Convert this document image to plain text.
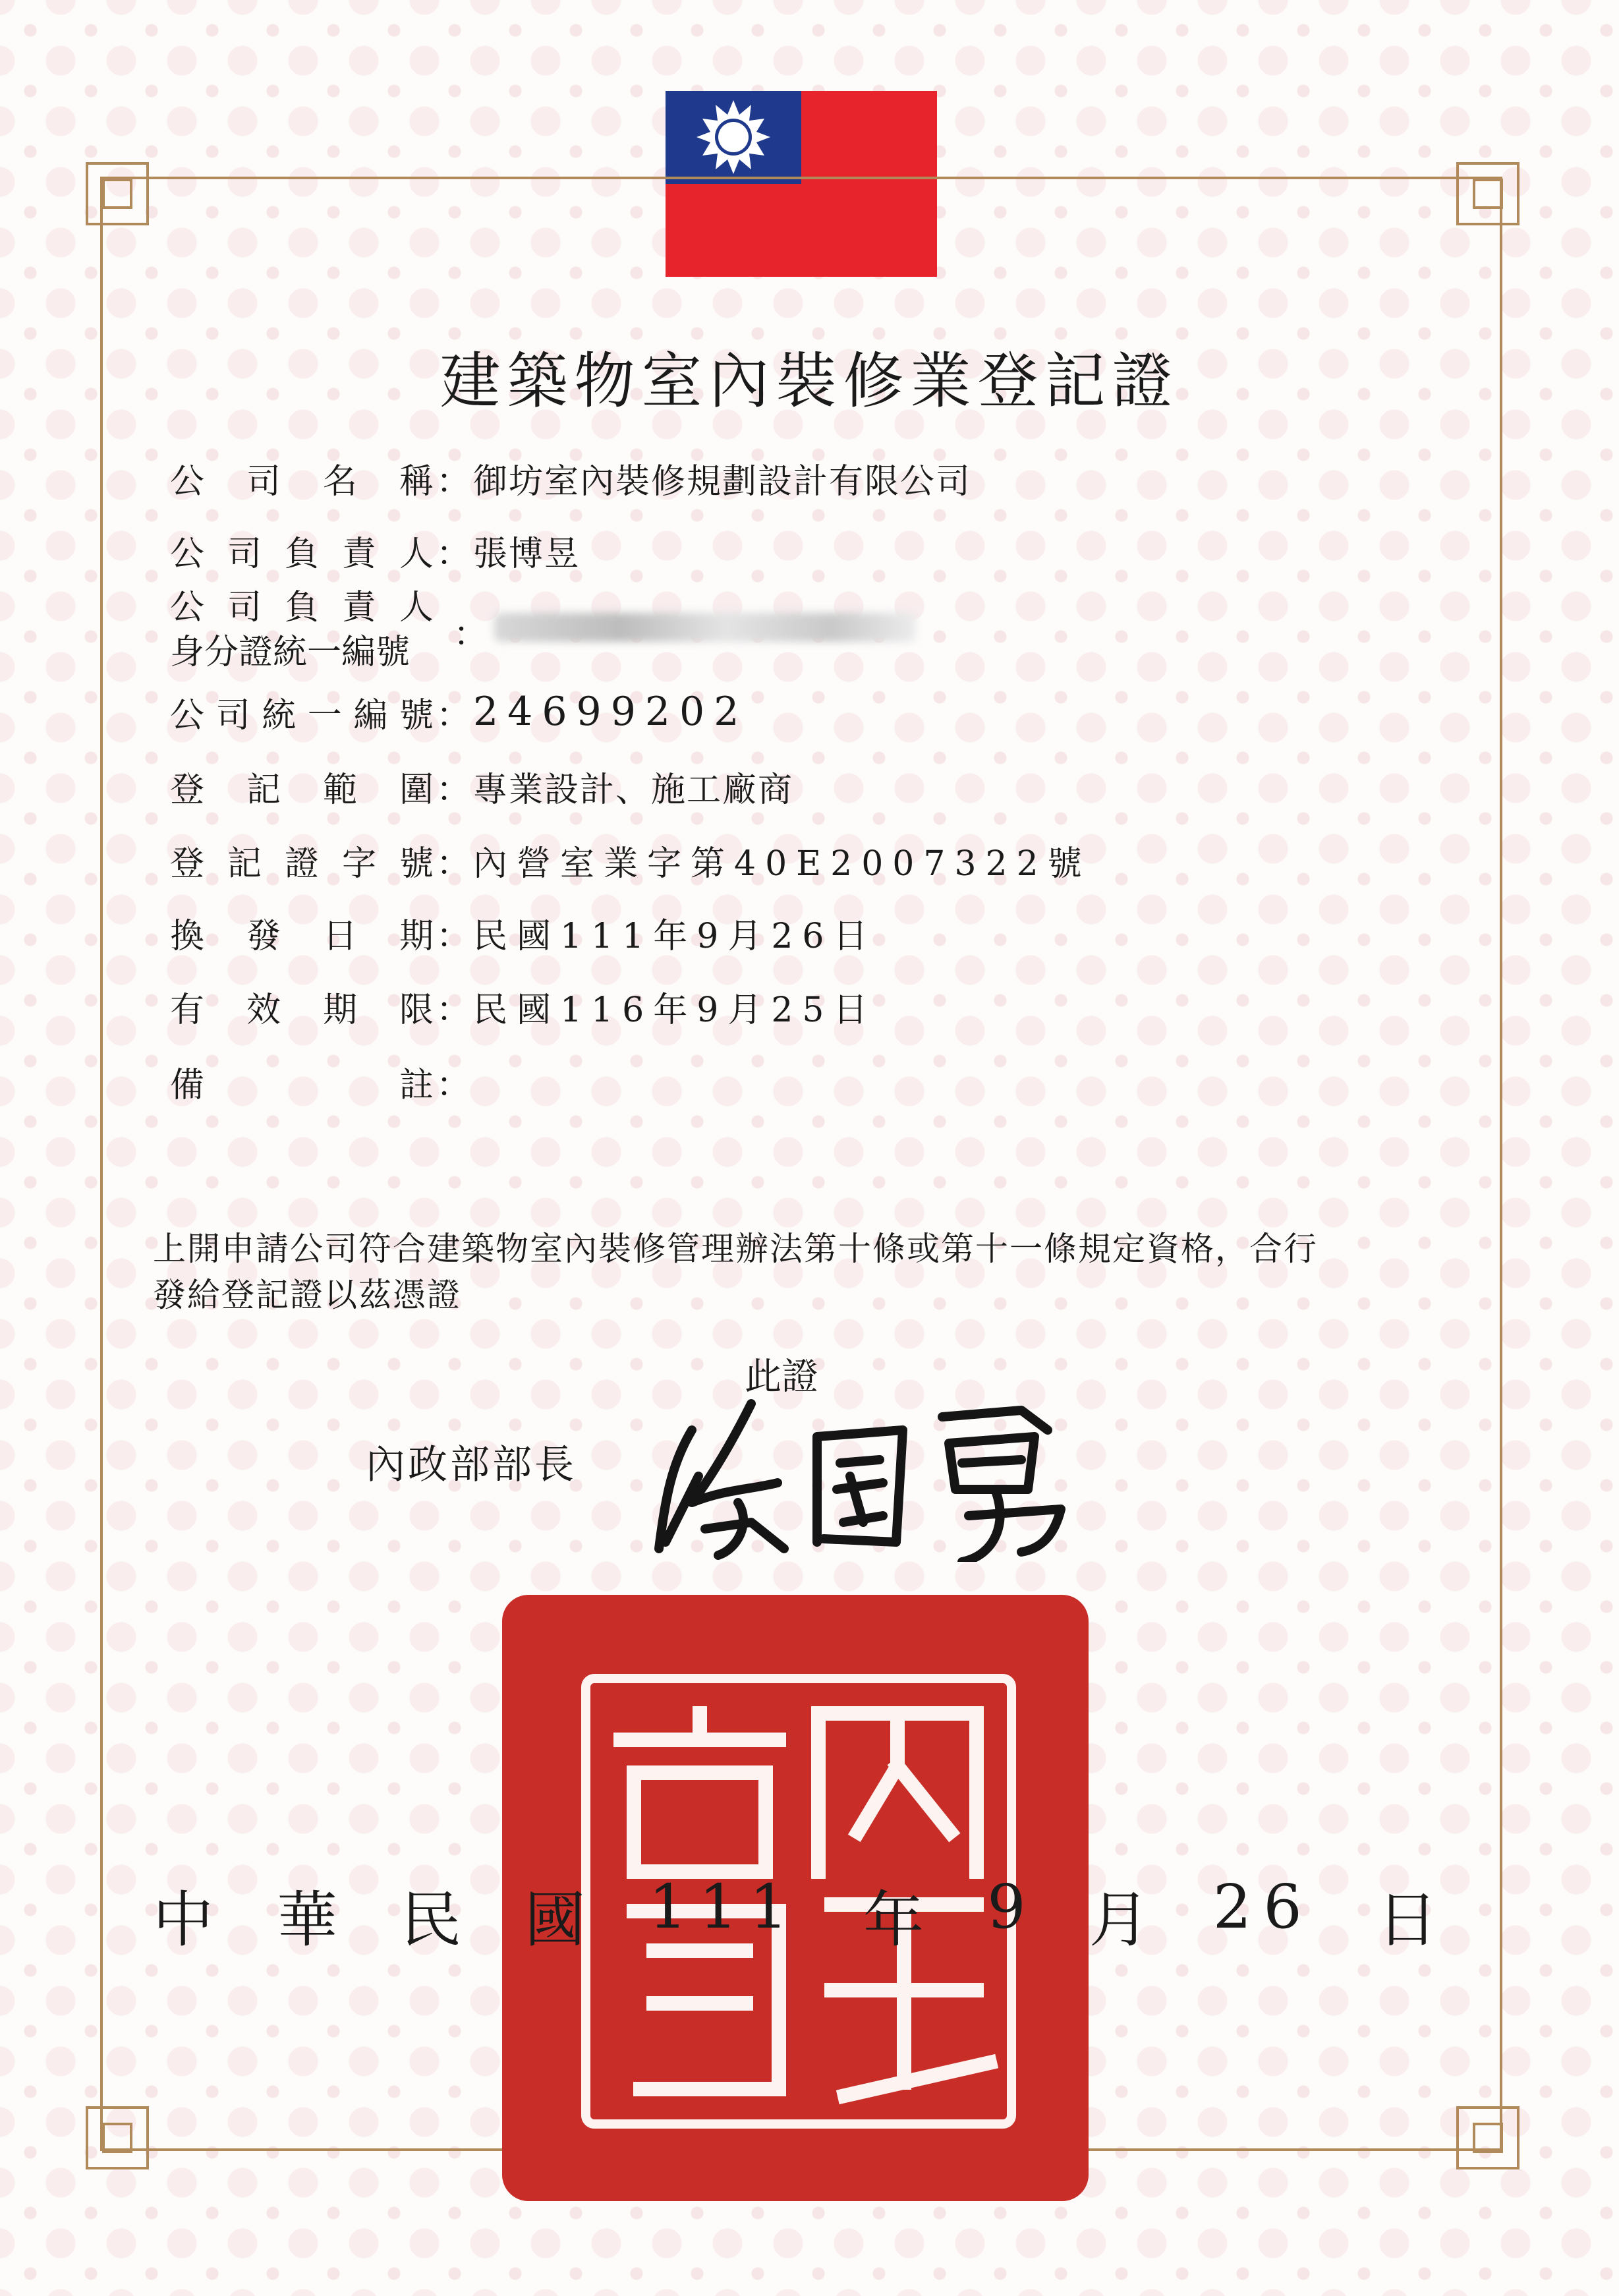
建築物室內裝修業登記證
公 司 名 稱 ： 御坊室內裝修規劃設計有限公司
公 司 負 責 人 ： 張博昱
公 司 負 責 人
身分證統一編號	：
公 司 統 一 編 號 ： 24699202
登 記 範 圍 ： 專業設計、施工廠商
登 記 證 字 號 ： 內營室業字第40E2007322號
換 發 日 期 ： 民國111年9月26日
有 效 期 限 ： 民國116年9月25日
備	註 ：
上開申請公司符合建築物室內裝修管理辦法第十條或第十一條規定資格，合行
發給登記證以茲憑證
此證
內政部部長
中 華 民 國 111 年 9 月 26 日
